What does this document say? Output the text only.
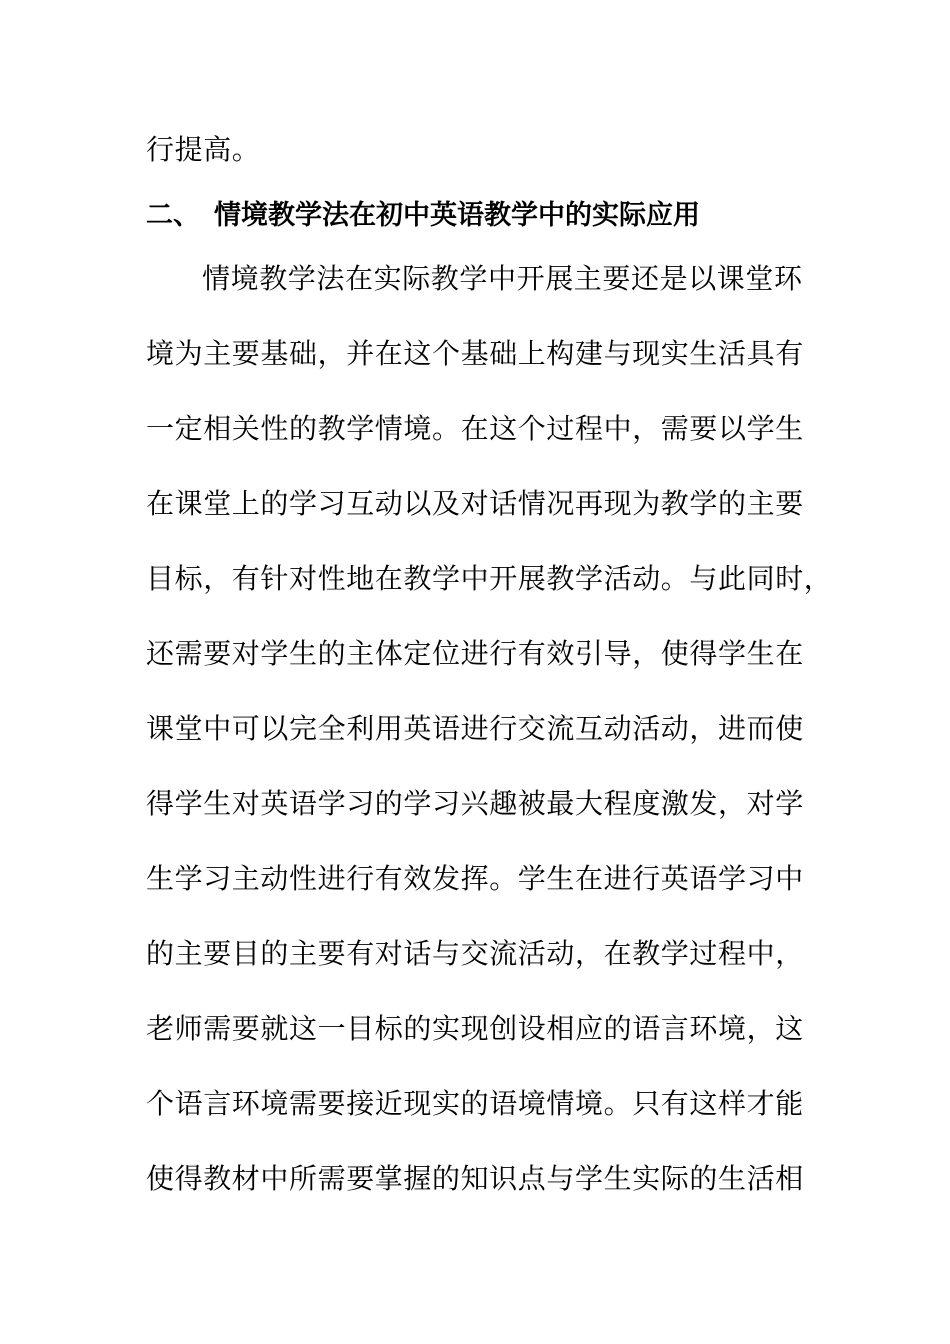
行提高。
二、 情境教学法在初中英语教学中的实际应用
情境教学法在实际教学中开展主要还是以课堂环
境为主要基础，并在这个基础上构建与现实生活具有
一定相关性的教学情境。在这个过程中，需要以学生
在课堂上的学习互动以及对话情况再现为教学的主要
目标，有针对性地在教学中开展教学活动。与此同时，
还需要对学生的主体定位进行有效引导，使得学生在
课堂中可以完全利用英语进行交流互动活动，进而使
得学生对英语学习的学习兴趣被最大程度激发，对学
生学习主动性进行有效发挥。学生在进行英语学习中
的主要目的主要有对话与交流活动，在教学过程中，
老师需要就这一目标的实现创设相应的语言环境，这
个语言环境需要接近现实的语境情境。只有这样才能
使得教材中所需要掌握的知识点与学生实际的生活相
